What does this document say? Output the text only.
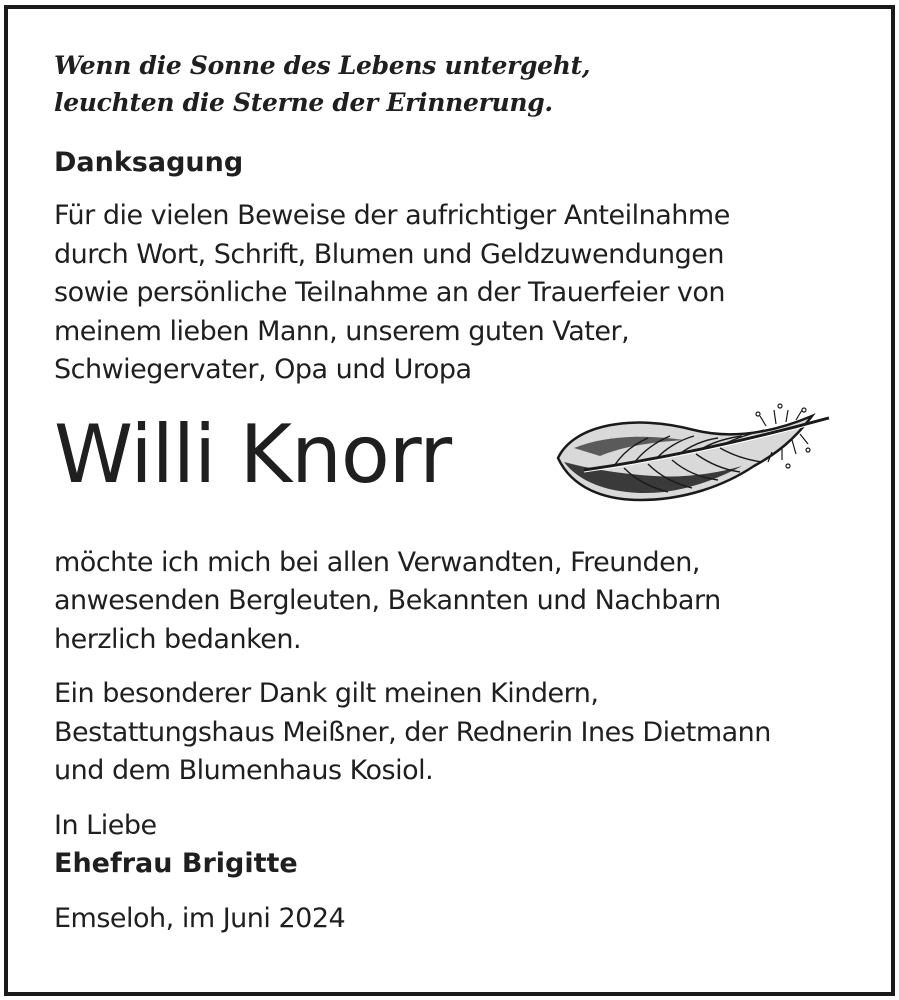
Wenn die Sonne des Lebens untergeht,
leuchten die Sterne der Erinnerung.

Danksagung

Für die vielen Beweise der aufrichtiger Anteilnahme
durch Wort, Schrift, Blumen und Geldzuwendungen
sowie persönliche Teilnahme an der Trauerfeier von
meinem lieben Mann, unserem guten Vater,
Schwiegervater, Opa und Uropa

Willi Knorr

möchte ich mich bei allen Verwandten, Freunden,
anwesenden Bergleuten, Bekannten und Nachbarn
herzlich bedanken.

Ein besonderer Dank gilt meinen Kindern,
Bestattungshaus Meißner, der Rednerin Ines Dietmann
und dem Blumenhaus Kosiol.

In Liebe

Ehefrau Brigitte

Emseloh, im Juni 2024
